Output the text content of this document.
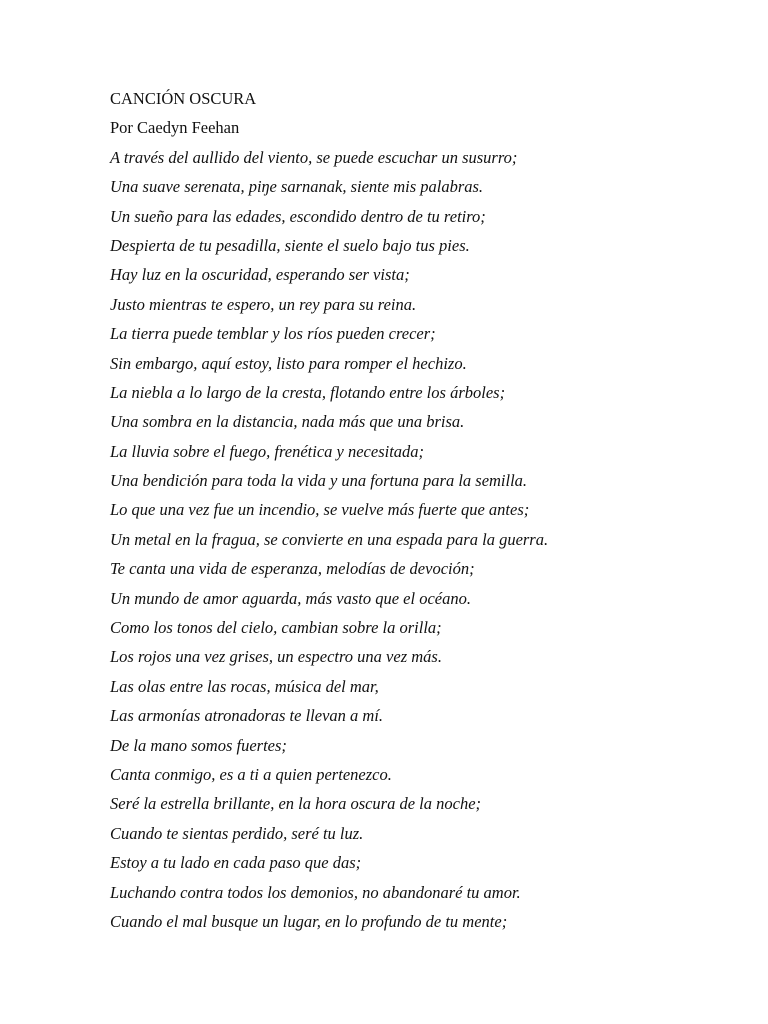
CANCIÓN OSCURA
Por Caedyn Feehan
A través del aullido del viento, se puede escuchar un susurro;
Una suave serenata, piŋe sarnanak, siente mis palabras.
Un sueño para las edades, escondido dentro de tu retiro;
Despierta de tu pesadilla, siente el suelo bajo tus pies.
Hay luz en la oscuridad, esperando ser vista;
Justo mientras te espero, un rey para su reina.
La tierra puede temblar y los ríos pueden crecer;
Sin embargo, aquí estoy, listo para romper el hechizo.
La niebla a lo largo de la cresta, flotando entre los árboles;
Una sombra en la distancia, nada más que una brisa.
La lluvia sobre el fuego, frenética y necesitada;
Una bendición para toda la vida y una fortuna para la semilla.
Lo que una vez fue un incendio, se vuelve más fuerte que antes;
Un metal en la fragua, se convierte en una espada para la guerra.
Te canta una vida de esperanza, melodías de devoción;
Un mundo de amor aguarda, más vasto que el océano.
Como los tonos del cielo, cambian sobre la orilla;
Los rojos una vez grises, un espectro una vez más.
Las olas entre las rocas, música del mar,
Las armonías atronadoras te llevan a mí.
De la mano somos fuertes;
Canta conmigo, es a ti a quien pertenezco.
Seré la estrella brillante, en la hora oscura de la noche;
Cuando te sientas perdido, seré tu luz.
Estoy a tu lado en cada paso que das;
Luchando contra todos los demonios, no abandonaré tu amor.
Cuando el mal busque un lugar, en lo profundo de tu mente;
